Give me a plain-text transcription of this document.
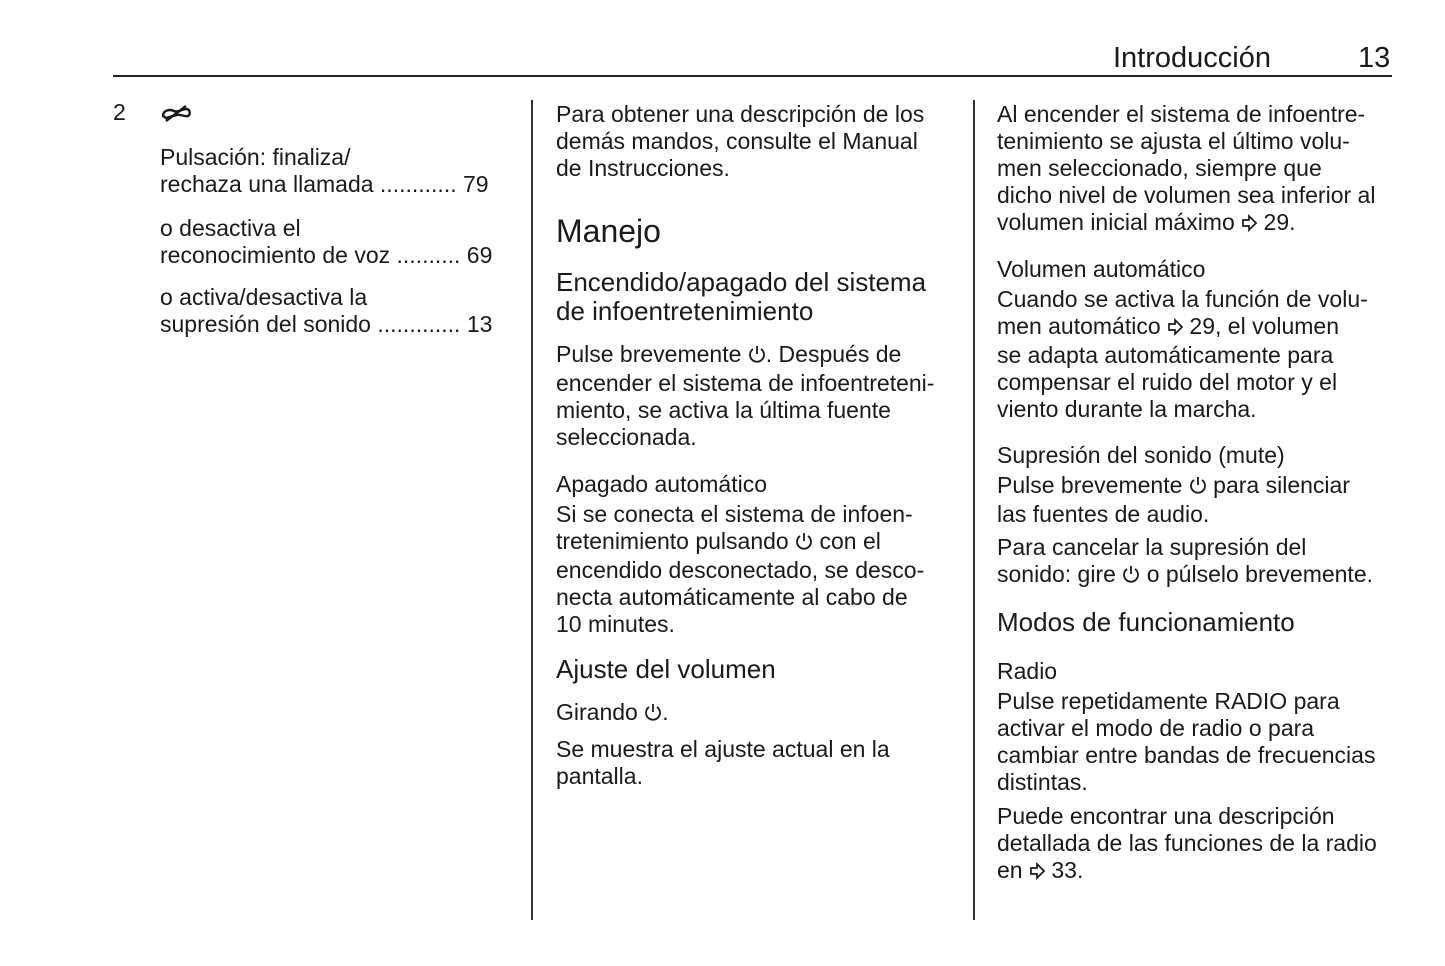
Introducción	13
2
Pulsación: finaliza/
rechaza una llamada ............ 79
o desactiva el
reconocimiento de voz .......... 69
o activa/desactiva la
supresión del sonido ............. 13
Para obtener una descripción de los
demás mandos, consulte el Manual
de Instrucciones.
Manejo
Encendido/apagado del sistema
de infoentretenimiento
Pulse brevemente . Después de
encender el sistema de infoentreteni-
miento, se activa la última fuente
seleccionada.
Apagado automático
Si se conecta el sistema de infoen-
tretenimiento pulsando  con el
encendido desconectado, se desco-
necta automáticamente al cabo de
10 minutes.
Ajuste del volumen
Girando .
Se muestra el ajuste actual en la
pantalla.
Al encender el sistema de infoentre-
tenimiento se ajusta el último volu-
men seleccionado, siempre que
dicho nivel de volumen sea inferior al
volumen inicial máximo  29.
Volumen automático
Cuando se activa la función de volu-
men automático  29, el volumen
se adapta automáticamente para
compensar el ruido del motor y el
viento durante la marcha.
Supresión del sonido (mute)
Pulse brevemente  para silenciar
las fuentes de audio.
Para cancelar la supresión del
sonido: gire  o púlselo brevemente.
Modos de funcionamiento
Radio
Pulse repetidamente RADIO para
activar el modo de radio o para
cambiar entre bandas de frecuencias
distintas.
Puede encontrar una descripción
detallada de las funciones de la radio
en  33.
